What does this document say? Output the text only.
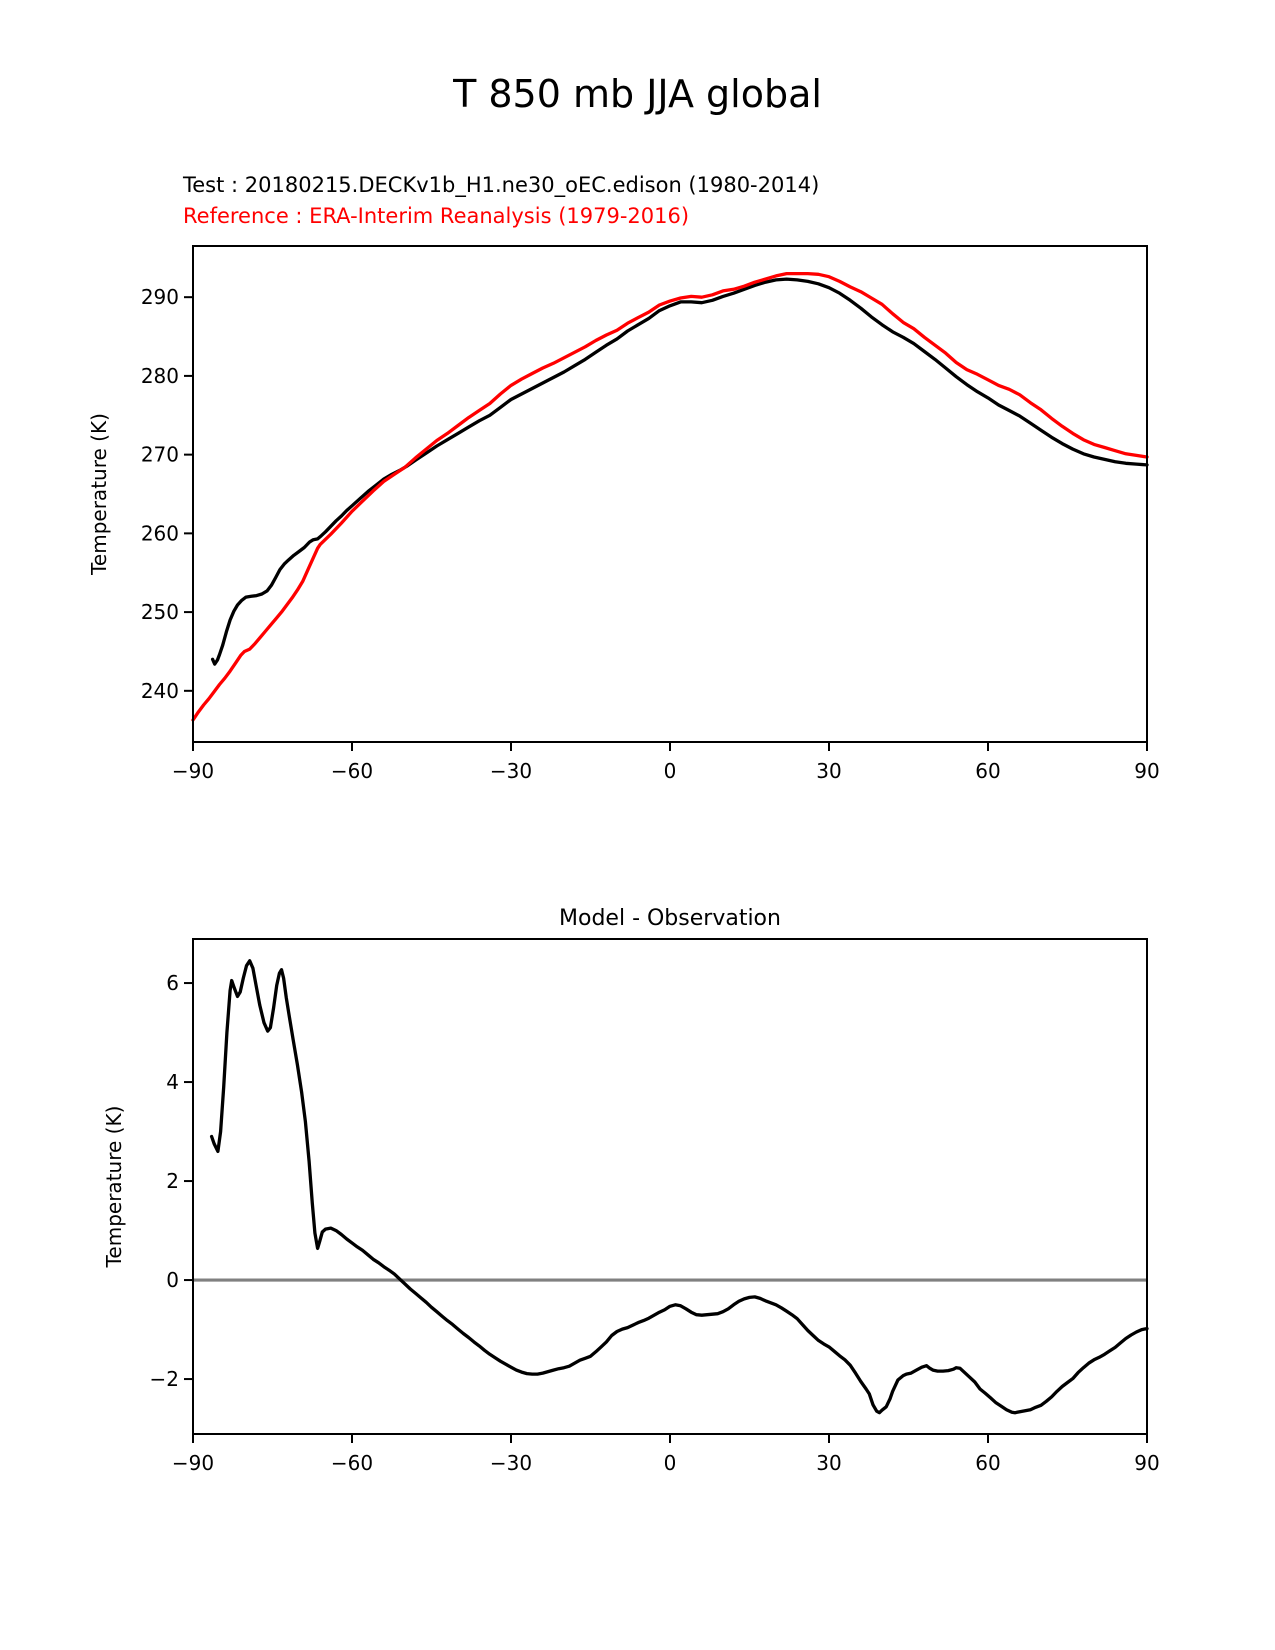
T 850 mb JJA global
Test : 20180215.DECKv1b_H1.ne30_oEC.edison (1980-2014)
Reference : ERA-Interim Reanalysis (1979-2016)
−90	−60	−30	0	30	60	90
240
250
260
270
280
290
Temperature (K)
−90	−60	−30	0	30	60	90
−2
0
2
4
6
Model - Observation
Temperature (K)
